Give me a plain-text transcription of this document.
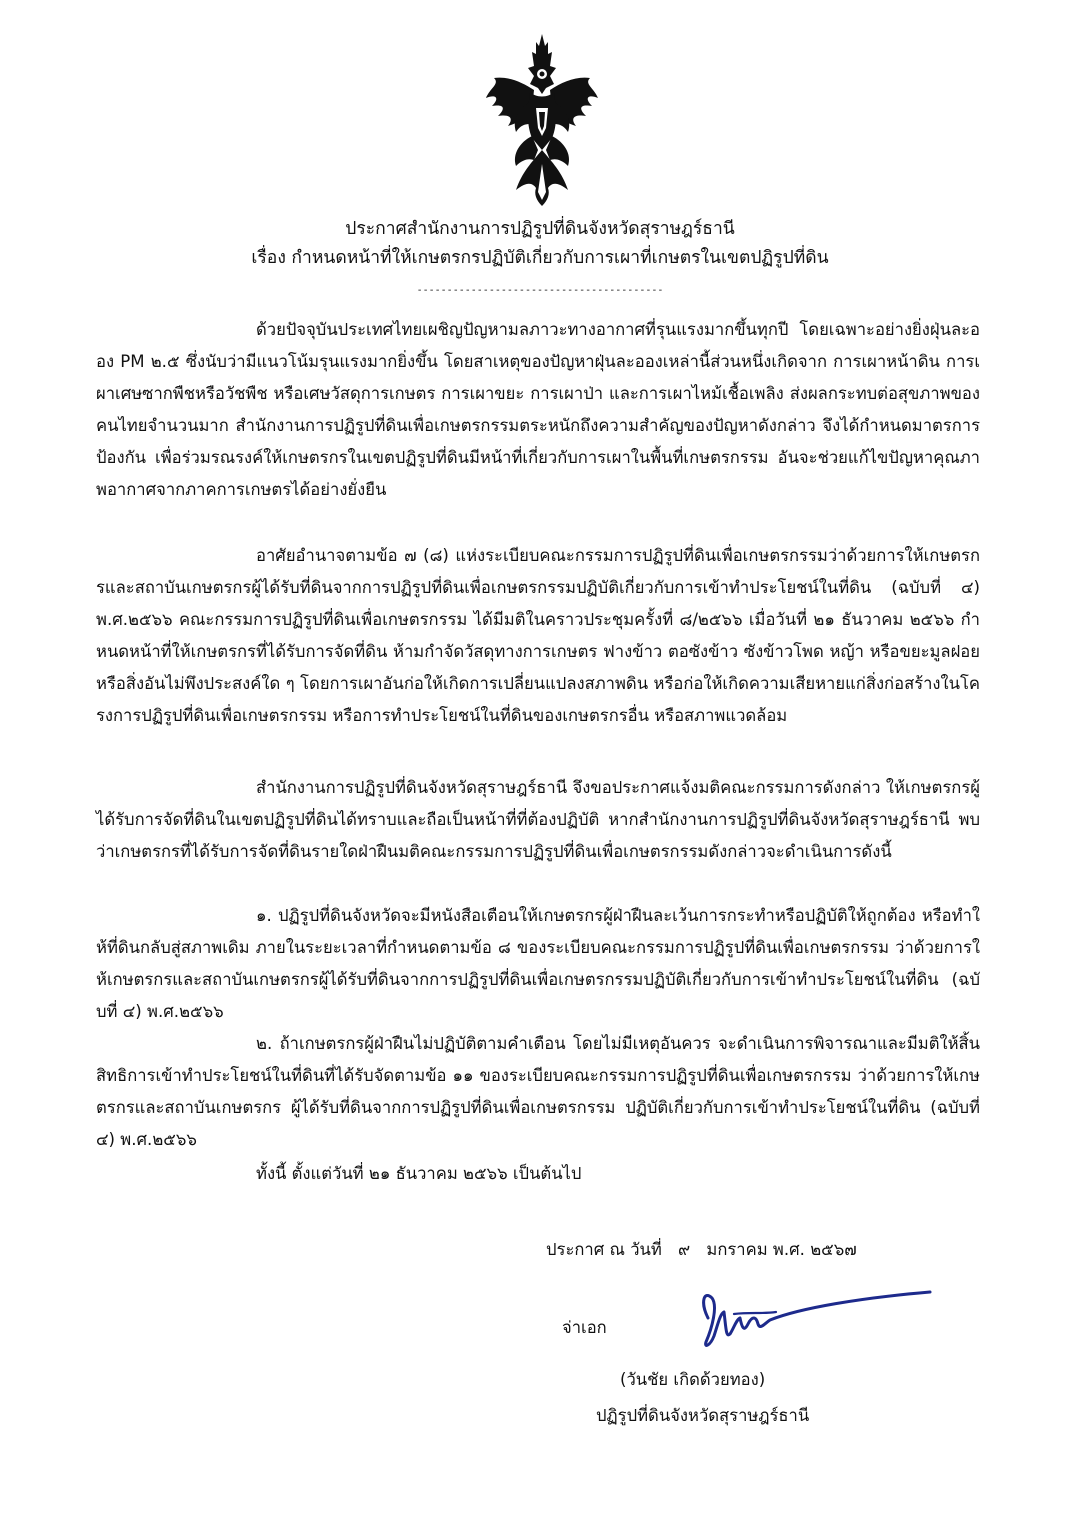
ประกาศสำนักงานการปฏิรูปที่ดินจังหวัดสุราษฎร์ธานี
เรื่อง กำหนดหน้าที่ให้เกษตรกรปฏิบัติเกี่ยวกับการเผาที่เกษตรในเขตปฏิรูปที่ดิน
-----------------------------------------
ด้วยปัจจุบันประเทศไทยเผชิญปัญหามลภาวะทางอากาศที่รุนแรงมากขึ้นทุกปี โดยเฉพาะอย่างยิ่งฝุ่นละออง PM ๒.๕ ซึ่งนับว่ามีแนวโน้มรุนแรงมากยิ่งขึ้น โดยสาเหตุของปัญหาฝุ่นละอองเหล่านี้ส่วนหนึ่งเกิดจาก การเผาหน้าดิน การเผาเศษซากพืชหรือวัชพืช หรือเศษวัสดุการเกษตร การเผาขยะ การเผาป่า และการเผาไหม้เชื้อเพลิง ส่งผลกระทบต่อสุขภาพของคนไทยจำนวนมาก สำนักงานการปฏิรูปที่ดินเพื่อเกษตรกรรมตระหนักถึงความสำคัญของปัญหาดังกล่าว จึงได้กำหนดมาตรการป้องกัน เพื่อร่วมรณรงค์ให้เกษตรกรในเขตปฏิรูปที่ดินมีหน้าที่เกี่ยวกับการเผาในพื้นที่เกษตรกรรม อันจะช่วยแก้ไขปัญหาคุณภาพอากาศจากภาคการเกษตรได้อย่างยั่งยืน
อาศัยอำนาจตามข้อ ๗ (๘) แห่งระเบียบคณะกรรมการปฏิรูปที่ดินเพื่อเกษตรกรรมว่าด้วยการให้เกษตรกรและสถาบันเกษตรกรผู้ได้รับที่ดินจากการปฏิรูปที่ดินเพื่อเกษตรกรรมปฏิบัติเกี่ยวกับการเข้าทำประโยชน์ในที่ดิน (ฉบับที่ ๔) พ.ศ.๒๕๖๖ คณะกรรมการปฏิรูปที่ดินเพื่อเกษตรกรรม ได้มีมติในคราวประชุมครั้งที่ ๘/๒๕๖๖ เมื่อวันที่ ๒๑ ธันวาคม ๒๕๖๖ กำหนดหน้าที่ให้เกษตรกรที่ได้รับการจัดที่ดิน ห้ามกำจัดวัสดุทางการเกษตร ฟางข้าว ตอซังข้าว ซังข้าวโพด หญ้า หรือขยะมูลฝอย หรือสิ่งอันไม่พึงประสงค์ใด ๆ โดยการเผาอันก่อให้เกิดการเปลี่ยนแปลงสภาพดิน หรือก่อให้เกิดความเสียหายแก่สิ่งก่อสร้างในโครงการปฏิรูปที่ดินเพื่อเกษตรกรรม หรือการทำประโยชน์ในที่ดินของเกษตรกรอื่น หรือสภาพแวดล้อม
สำนักงานการปฏิรูปที่ดินจังหวัดสุราษฎร์ธานี จึงขอประกาศแจ้งมติคณะกรรมการดังกล่าว ให้เกษตรกรผู้ได้รับการจัดที่ดินในเขตปฏิรูปที่ดินได้ทราบและถือเป็นหน้าที่ที่ต้องปฏิบัติ หากสำนักงานการปฏิรูปที่ดินจังหวัดสุราษฎร์ธานี พบว่าเกษตรกรที่ได้รับการจัดที่ดินรายใดฝ่าฝืนมติคณะกรรมการปฏิรูปที่ดินเพื่อเกษตรกรรมดังกล่าวจะดำเนินการดังนี้
๑. ปฏิรูปที่ดินจังหวัดจะมีหนังสือเตือนให้เกษตรกรผู้ฝ่าฝืนละเว้นการกระทำหรือปฏิบัติให้ถูกต้อง หรือทำให้ที่ดินกลับสู่สภาพเดิม ภายในระยะเวลาที่กำหนดตามข้อ ๘ ของระเบียบคณะกรรมการปฏิรูปที่ดินเพื่อเกษตรกรรม ว่าด้วยการให้เกษตรกรและสถาบันเกษตรกรผู้ได้รับที่ดินจากการปฏิรูปที่ดินเพื่อเกษตรกรรมปฏิบัติเกี่ยวกับการเข้าทำประโยชน์ในที่ดิน (ฉบับที่ ๔) พ.ศ.๒๕๖๖
๒. ถ้าเกษตรกรผู้ฝ่าฝืนไม่ปฏิบัติตามคำเตือน โดยไม่มีเหตุอันควร จะดำเนินการพิจารณาและมีมติให้สิ้นสิทธิการเข้าทำประโยชน์ในที่ดินที่ได้รับจัดตามข้อ ๑๑ ของระเบียบคณะกรรมการปฏิรูปที่ดินเพื่อเกษตรกรรม ว่าด้วยการให้เกษตรกรและสถาบันเกษตรกร ผู้ได้รับที่ดินจากการปฏิรูปที่ดินเพื่อเกษตรกรรม ปฏิบัติเกี่ยวกับการเข้าทำประโยชน์ในที่ดิน (ฉบับที่ ๔) พ.ศ.๒๕๖๖
ทั้งนี้ ตั้งแต่วันที่ ๒๑ ธันวาคม ๒๕๖๖ เป็นต้นไป
ประกาศ ณ วันที่ ๙ มกราคม พ.ศ. ๒๕๖๗
จ่าเอก
(วันชัย เกิดด้วยทอง)
ปฏิรูปที่ดินจังหวัดสุราษฎร์ธานี
